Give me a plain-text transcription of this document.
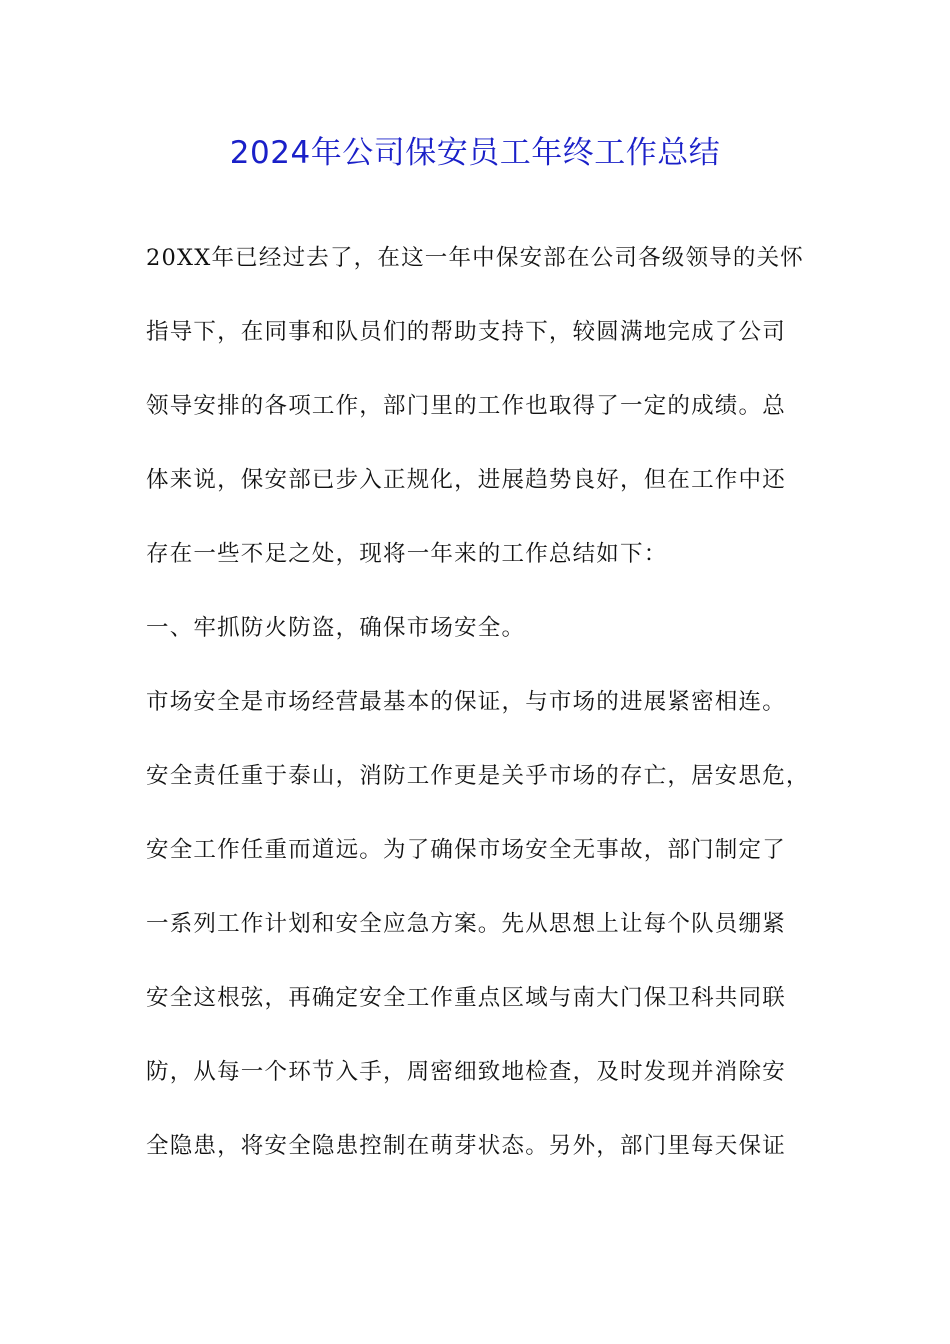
2024年公司保安员工年终工作总结
20XX年已经过去了，在这一年中保安部在公司各级领导的关怀
指导下，在同事和队员们的帮助支持下，较圆满地完成了公司
领导安排的各项工作，部门里的工作也取得了一定的成绩。总
体来说，保安部已步入正规化，进展趋势良好，但在工作中还
存在一些不足之处，现将一年来的工作总结如下：
一、牢抓防火防盗，确保市场安全。
市场安全是市场经营最基本的保证，与市场的进展紧密相连。
安全责任重于泰山，消防工作更是关乎市场的存亡，居安思危，
安全工作任重而道远。为了确保市场安全无事故，部门制定了
一系列工作计划和安全应急方案。先从思想上让每个队员绷紧
安全这根弦，再确定安全工作重点区域与南大门保卫科共同联
防，从每一个环节入手，周密细致地检查，及时发现并消除安
全隐患，将安全隐患控制在萌芽状态。另外，部门里每天保证
